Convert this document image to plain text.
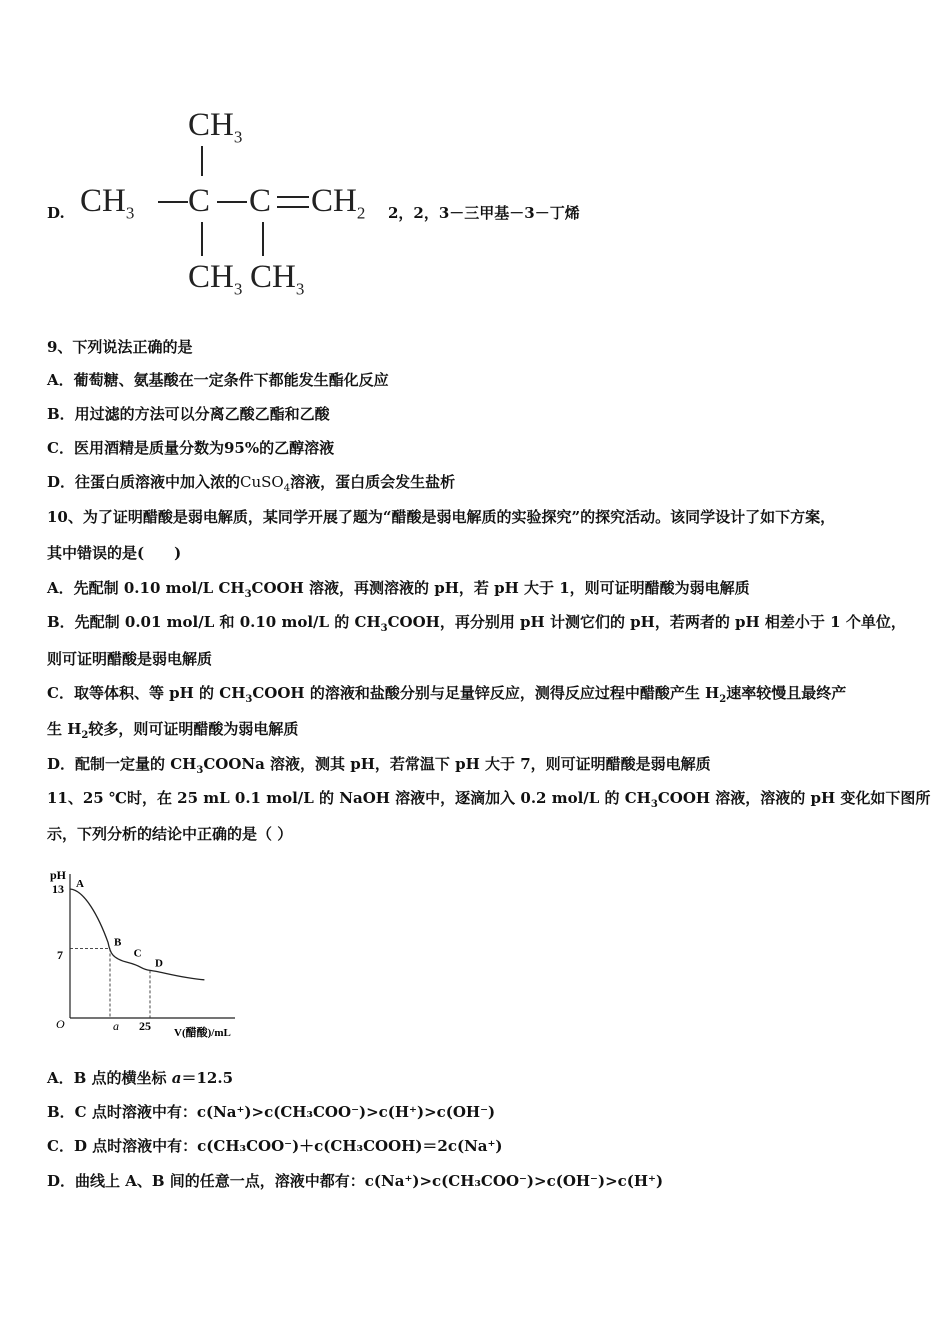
D.
$CH_3$
$CH_3$ C C $CH_2$
$CH_3$ $CH_3$
2，2，3－三甲基－3－丁烯
9、下列说法正确的是
A．葡萄糖、氨基酸在一定条件下都能发生酯化反应
B．用过滤的方法可以分离乙酸乙酯和乙酸
C．医用酒精是质量分数为95%的乙醇溶液
D．往蛋白质溶液中加入浓的CuSO$_4$溶液，蛋白质会发生盐析
10、为了证明醋酸是弱电解质，某同学开展了题为“醋酸是弱电解质的实验探究”的探究活动。该同学设计了如下方案，
其中错误的是(　　)
A．先配制 0.10 mol/L $CH_3COOH$ 溶液，再测溶液的 pH，若 pH 大于 1，则可证明醋酸为弱电解质
B．先配制 0.01 mol/L 和 0.10 mol/L 的 $CH_3COOH$，再分别用 pH 计测它们的 pH，若两者的 pH 相差小于 1 个单位，
则可证明醋酸是弱电解质
C．取等体积、等 pH 的 $CH_3COOH$ 的溶液和盐酸分别与足量锌反应，测得反应过程中醋酸产生 $H_2$速率较慢且最终产
生 $H_2$较多，则可证明醋酸为弱电解质
D．配制一定量的 $CH_3COONa$ 溶液，测其 pH，若常温下 pH 大于 7，则可证明醋酸是弱电解质
11、25 ℃时，在 25 mL 0.1 mol/L 的 NaOH 溶液中，逐滴加入 0.2 mol/L 的 $CH_3COOH$ 溶液，溶液的 pH 变化如下图所
示，下列分析的结论中正确的是（ ）
pH
13
7
O	a 25 V(醋酸)/mL
A
B
C
D
A．B 点的横坐标 a＝12.5
B．C 点时溶液中有：c(Na⁺)>c(CH₃COO⁻)>c(H⁺)>c(OH⁻)
C．D 点时溶液中有：c(CH₃COO⁻)＋c(CH₃COOH)＝2c(Na⁺)
D．曲线上 A、B 间的任意一点，溶液中都有：c(Na⁺)>c(CH₃COO⁻)>c(OH⁻)>c(H⁺)
